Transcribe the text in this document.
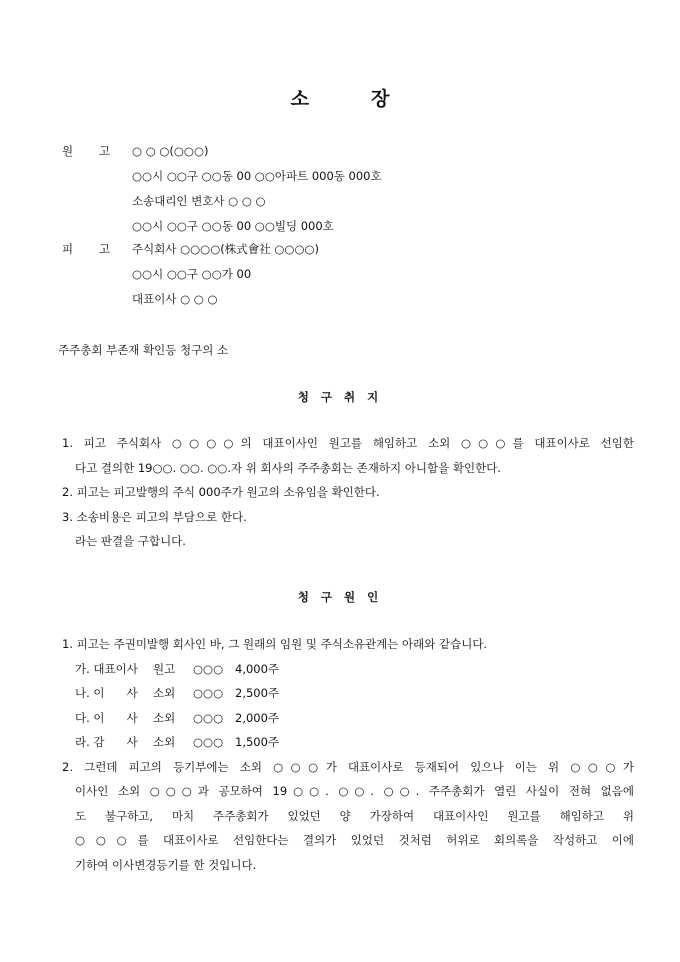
소	장
원 고 ○ ○ ○(○○○)
○○시 ○○구 ○○동 00 ○○아파트 000동 000호
소송대리인 변호사 ○ ○ ○
○○시 ○○구 ○○동 00 ○○빌딩 000호
피 고 주식회사 ○○○○(株式會社 ○○○○)
○○시 ○○구 ○○가 00
대표이사 ○ ○ ○
주주총회 부존재 확인등 청구의 소
청 구 취 지
1. 피고 주식회사 ○○○○의 대표이사인 원고를 해임하고 소외 ○○○를 대표이사로 선임한
다고 결의한 19○○. ○○. ○○.자 위 회사의 주주총회는 존재하지 아니함을 확인한다.
2. 피고는 피고발행의 주식 000주가 원고의 소유임을 확인한다.
3. 소송비용은 피고의 부담으로 한다.
라는 판결을 구합니다.
청 구 원 인
1. 피고는 주권미발행 회사인 바, 그 원래의 임원 및 주식소유관계는 아래와 같습니다.
가. 대표이사 원고 ○○○ 4,000주
나. 이      사 소외 ○○○ 2,500주
다. 이      사 소외 ○○○ 2,000주
라. 감      사 소외 ○○○ 1,500주
2. 그런데 피고의 등기부에는 소외 ○○○가 대표이사로 등재되어 있으나 이는 위 ○○○가
이사인 소외 ○○○과 공모하여 19○○. ○○. ○○. 주주총회가 열린 사실이 전혀 없음에
도 불구하고, 마치 주주총회가 있었던 양 가장하여 대표이사인 원고를 해임하고 위
○○○를 대표이사로 선임한다는 결의가 있었던 것처럼 허위로 회의록을 작성하고 이에
기하여 이사변경등기를 한 것입니다.
